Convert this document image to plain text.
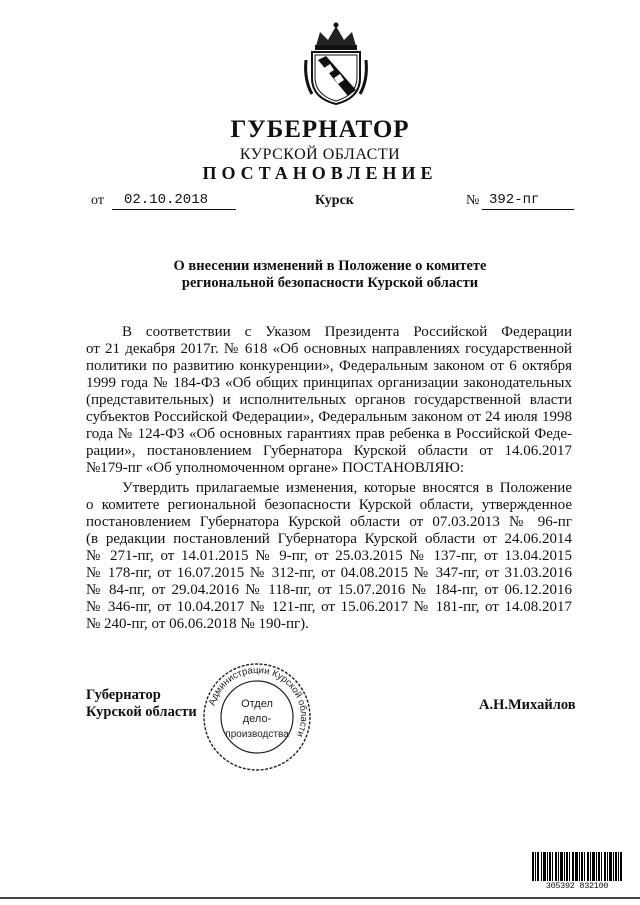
ГУБЕРНАТОР
КУРСКОЙ ОБЛАСТИ
ПОСТАНОВЛЕНИЕ
от 02.10.2018	Курск	№ 392-пг
О внесении изменений в Положение о комитете
региональной безопасности Курской области
В соответствии с Указом Президента Российской Федерации
от 21 декабря 2017г. № 618 «Об основных направлениях государственной
политики по развитию конкуренции», Федеральным законом от 6 октября
1999 года № 184-ФЗ «Об общих принципах организации законодательных
(представительных) и исполнительных органов государственной власти
субъектов Российской Федерации», Федеральным законом от 24 июля 1998
года № 124-ФЗ «Об основных гарантиях прав ребенка в Российской Феде-
рации», постановлением Губернатора Курской области от 14.06.2017
№179-пг «Об уполномоченном органе» ПОСТАНОВЛЯЮ:
Утвердить прилагаемые изменения, которые вносятся в Положение
о комитете региональной безопасности Курской области, утвержденное
постановлением Губернатора Курской области от 07.03.2013 № 96-пг
(в редакции постановлений Губернатора Курской области от 24.06.2014
№ 271-пг, от 14.01.2015 № 9-пг, от 25.03.2015 № 137-пг, от 13.04.2015
№ 178-пг, от 16.07.2015 № 312-пг, от 04.08.2015 № 347-пг, от 31.03.2016
№ 84-пг, от 29.04.2016 № 118-пг, от 15.07.2016 № 184-пг, от 06.12.2016
№ 346-пг, от 10.04.2017 № 121-пг, от 15.06.2017 № 181-пг, от 14.08.2017
№ 240-пг, от 06.06.2018 № 190-пг).
Губернатор
Курской области	А.Н.Михайлов
Администрации Курской области
Отдел
дело-
производства
305392 832100
